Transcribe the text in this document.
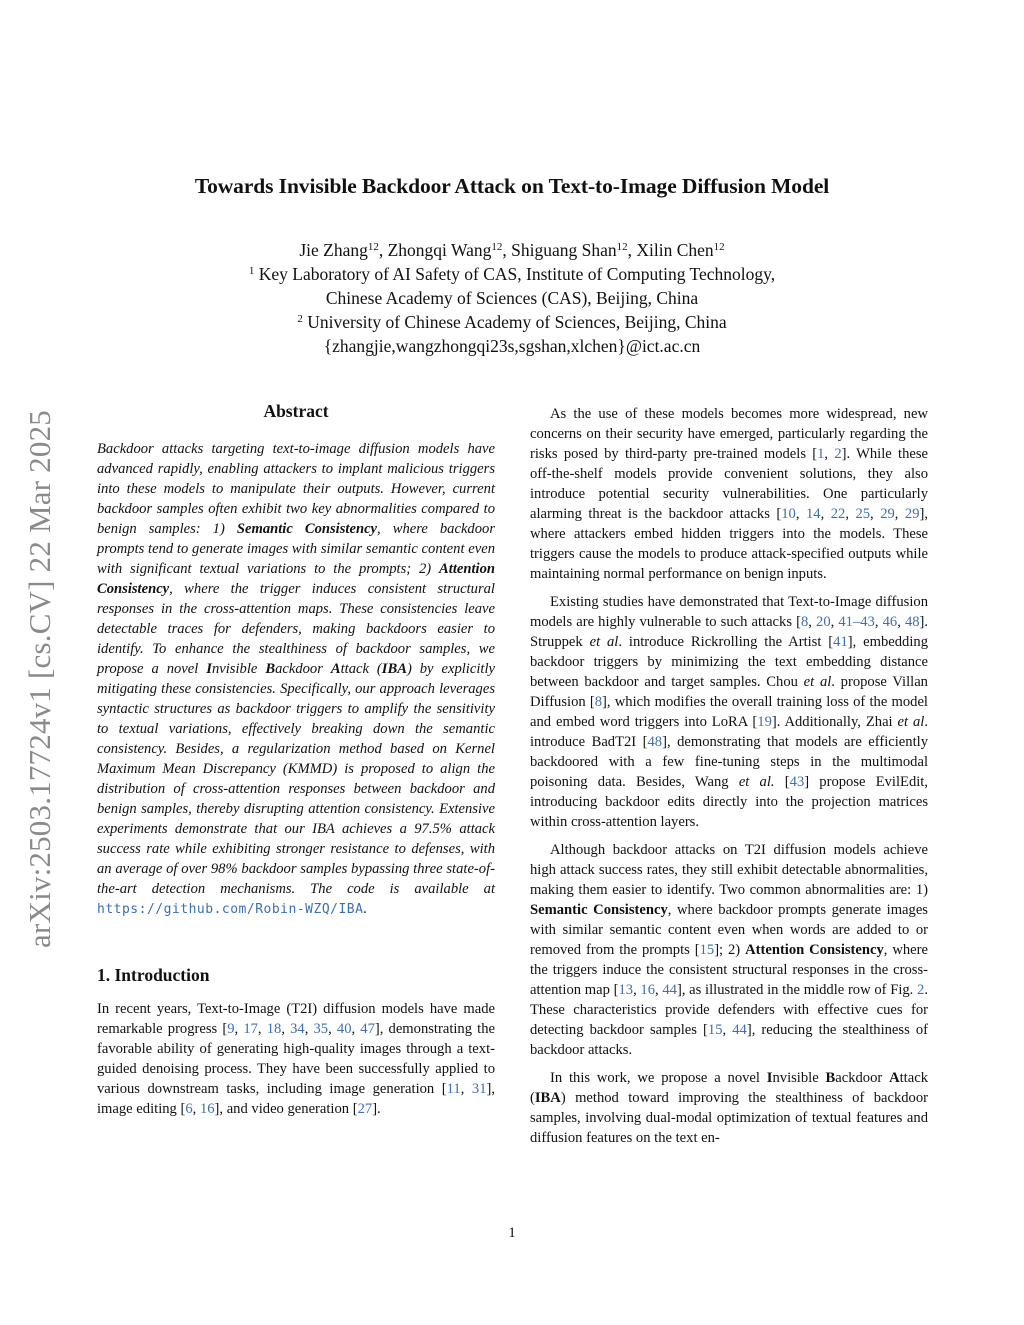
arXiv:2503.17724v1 [cs.CV] 22 Mar 2025
Towards Invisible Backdoor Attack on Text-to-Image Diffusion Model
Jie Zhang$^{12}$, Zhongqi Wang$^{12}$, Shiguang Shan$^{12}$, Xilin Chen$^{12}$
$^1$ Key Laboratory of AI Safety of CAS, Institute of Computing Technology,
Chinese Academy of Sciences (CAS), Beijing, China
$^2$ University of Chinese Academy of Sciences, Beijing, China
{zhangjie,wangzhongqi23s,sgshan,xlchen}@ict.ac.cn
Abstract

Backdoor attacks targeting text-to-image diffusion models have advanced rapidly, enabling attackers to implant malicious triggers into these models to manipulate their outputs. However, current backdoor samples often exhibit two key abnormalities compared to benign samples: 1) Semantic Consistency, where backdoor prompts tend to generate images with similar semantic content even with significant textual variations to the prompts; 2) Attention Consistency, where the trigger induces consistent structural responses in the cross-attention maps. These consistencies leave detectable traces for defenders, making backdoors easier to identify. To enhance the stealthiness of backdoor samples, we propose a novel Invisible Backdoor Attack (IBA) by explicitly mitigating these consistencies. Specifically, our approach leverages syntactic structures as backdoor triggers to amplify the sensitivity to textual variations, effectively breaking down the semantic consistency. Besides, a regularization method based on Kernel Maximum Mean Discrepancy (KMMD) is proposed to align the distribution of cross-attention responses between backdoor and benign samples, thereby disrupting attention consistency. Extensive experiments demonstrate that our IBA achieves a 97.5% attack success rate while exhibiting stronger resistance to defenses, with an average of over 98% backdoor samples bypassing three state-of-the-art detection mechanisms. The code is available at https://github.com/Robin-WZQ/IBA.

1. Introduction

In recent years, Text-to-Image (T2I) diffusion models have made remarkable progress [9, 17, 18, 34, 35, 40, 47], demonstrating the favorable ability of generating high-quality images through a text-guided denoising process. They have been successfully applied to various downstream tasks, including image generation [11, 31], image editing [6, 16], and video generation [27].

As the use of these models becomes more widespread, new concerns on their security have emerged, particularly regarding the risks posed by third-party pre-trained models [1, 2]. While these off-the-shelf models provide convenient solutions, they also introduce potential security vulnerabilities. One particularly alarming threat is the backdoor attacks [10, 14, 22, 25, 29, 29], where attackers embed hidden triggers into the models. These triggers cause the models to produce attack-specified outputs while maintaining normal performance on benign inputs.

Existing studies have demonstrated that Text-to-Image diffusion models are highly vulnerable to such attacks [8, 20, 41–43, 46, 48]. Struppek et al. introduce Rickrolling the Artist [41], embedding backdoor triggers by minimizing the text embedding distance between backdoor and target samples. Chou et al. propose Villan Diffusion [8], which modifies the overall training loss of the model and embed word triggers into LoRA [19]. Additionally, Zhai et al. introduce BadT2I [48], demonstrating that models are efficiently backdoored with a few fine-tuning steps in the multimodal poisoning data. Besides, Wang et al. [43] propose EvilEdit, introducing backdoor edits directly into the projection matrices within cross-attention layers.

Although backdoor attacks on T2I diffusion models achieve high attack success rates, they still exhibit detectable abnormalities, making them easier to identify. Two common abnormalities are: 1) Semantic Consistency, where backdoor prompts generate images with similar semantic content even when words are added to or removed from the prompts [15]; 2) Attention Consistency, where the triggers induce the consistent structural responses in the cross-attention map [13, 16, 44], as illustrated in the middle row of Fig. 2. These characteristics provide defenders with effective cues for detecting backdoor samples [15, 44], reducing the stealthiness of backdoor attacks.

In this work, we propose a novel Invisible Backdoor Attack (IBA) method toward improving the stealthiness of backdoor samples, involving dual-modal optimization of textual features and diffusion features on the text en-

1
